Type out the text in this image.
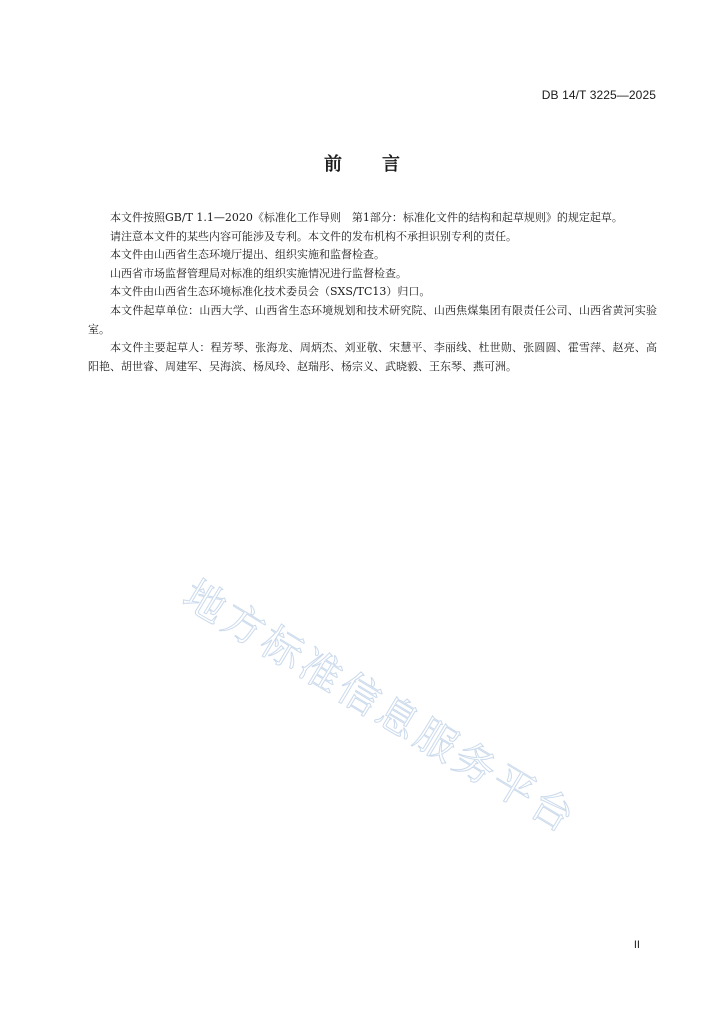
DB 14/T 3225—2025
前 言

本文件按照GB/T 1.1—2020《标准化工作导则　第1部分：标准化文件的结构和起草规则》的规定起草。

请注意本文件的某些内容可能涉及专利。本文件的发布机构不承担识别专利的责任。

本文件由山西省生态环境厅提出、组织实施和监督检查。

山西省市场监督管理局对标准的组织实施情况进行监督检查。

本文件由山西省生态环境标准化技术委员会（SXS/TC13）归口。

本文件起草单位：山西大学、山西省生态环境规划和技术研究院、山西焦煤集团有限责任公司、山西省黄河实验室。

本文件主要起草人：程芳琴、张海龙、周炳杰、刘亚敬、宋慧平、李丽线、杜世勋、张圆圆、霍雪萍、赵亮、高阳艳、胡世睿、周建军、吴海滨、杨凤玲、赵瑞彤、杨宗义、武晓毅、王东琴、燕可洲。

地方标准信息服务平台
II
